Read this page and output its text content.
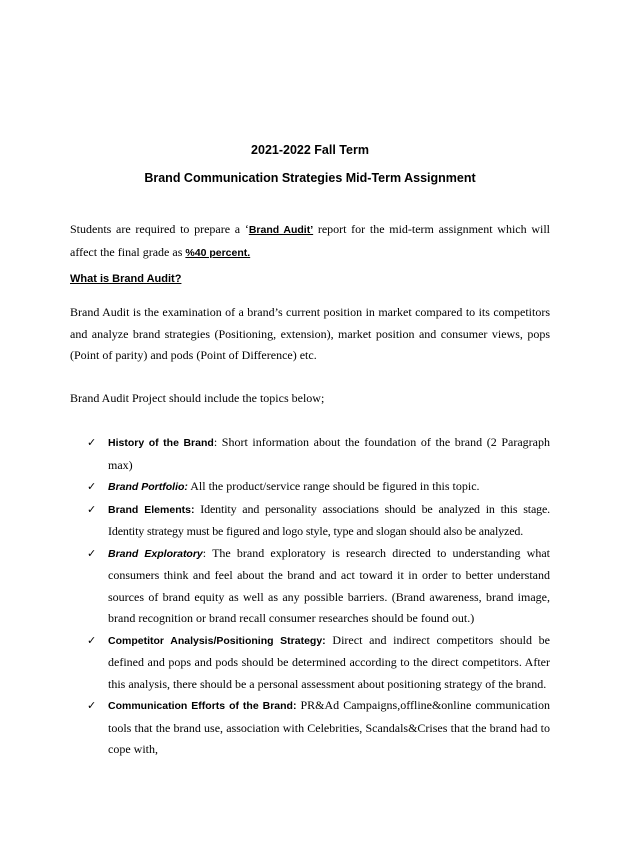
2021-2022 Fall Term
Brand Communication Strategies Mid-Term Assignment
Students are required to prepare a ‘Brand Audit’ report for the mid-term assignment which will affect the final grade as %40 percent.
What is Brand Audit?
Brand Audit is the examination of a brand’s current position in market compared to its competitors and analyze brand strategies (Positioning, extension), market position and consumer views, pops (Point of parity) and pods (Point of Difference) etc.
Brand Audit Project should include the topics below;
✓ History of the Brand: Short information about the foundation of the brand (2 Paragraph max)
✓ Brand Portfolio: All the product/service range should be figured in this topic.
✓ Brand Elements: Identity and personality associations should be analyzed in this stage. Identity strategy must be figured and logo style, type and slogan should also be analyzed.
✓ Brand Exploratory: The brand exploratory is research directed to understanding what consumers think and feel about the brand and act toward it in order to better understand sources of brand equity as well as any possible barriers. (Brand awareness, brand image, brand recognition or brand recall consumer researches should be found out.)
✓ Competitor Analysis/Positioning Strategy: Direct and indirect competitors should be defined and pops and pods should be determined according to the direct competitors. After this analysis, there should be a personal assessment about positioning strategy of the brand.
✓ Communication Efforts of the Brand: PR&Ad Campaigns,offline&online communication tools that the brand use, association with Celebrities, Scandals&Crises that the brand had to cope with,
